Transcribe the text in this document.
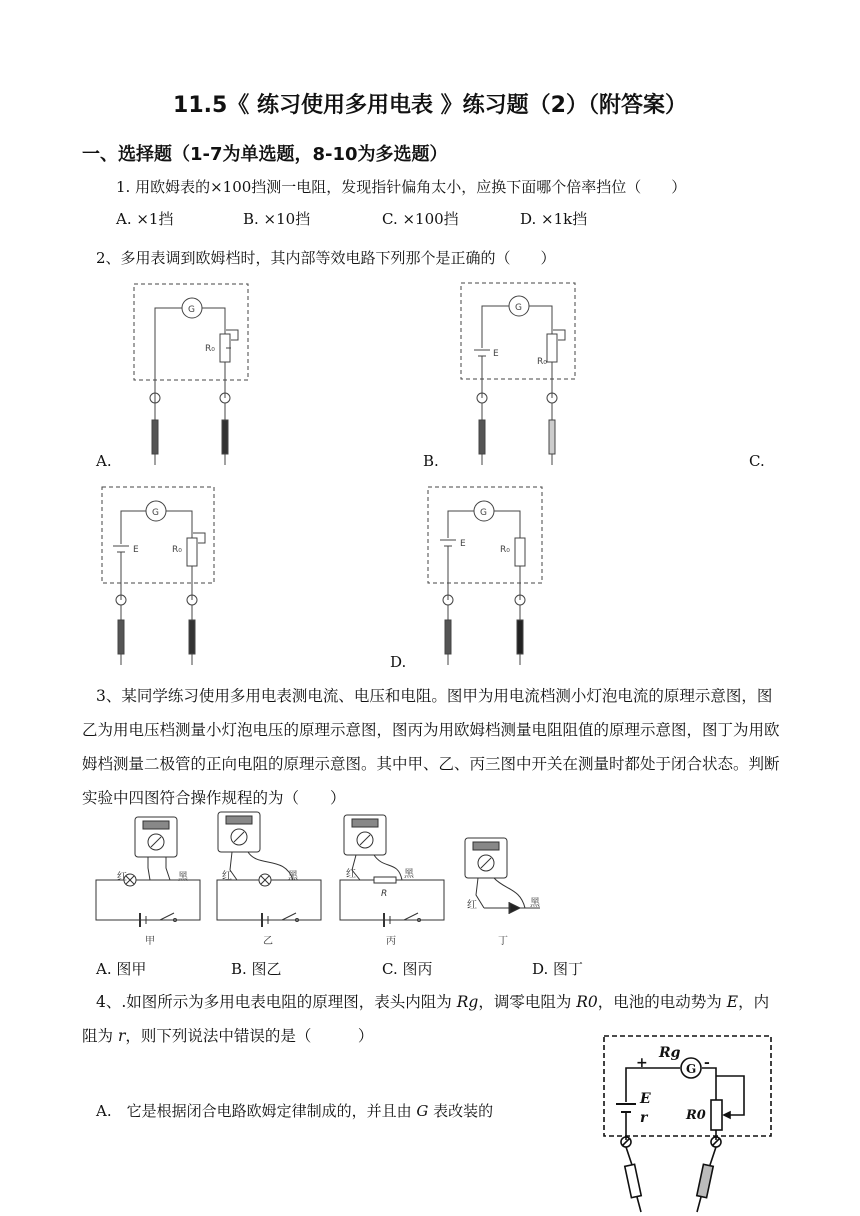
11.5《 练习使用多用电表 》练习题（2）（附答案）
一、选择题（1-7为单选题，8-10为多选题）
1. 用欧姆表的×100挡测一电阻，发现指针偏角太小，应换下面哪个倍率挡位（　　）
A. ×1挡	B. ×10挡	C. ×100挡	D. ×1k挡
2、多用表调到欧姆档时，其内部等效电路下列那个是正确的（　　）
G
R₀
G
E
R₀
G
E	R₀
G
E
R₀
A.	B.	C.
D.
3、某同学练习使用多用电表测电流、电压和电阻。图甲为用电流档测小灯泡电流的原理示意图，图乙为用电压档测量小灯泡电压的原理示意图，图丙为用欧姆档测量电阻阻值的原理示意图，图丁为用欧姆档测量二极管的正向电阻的原理示意图。其中甲、乙、丙三图中开关在测量时都处于闭合状态。判断实验中四图符合操作规程的为（　　）
红	黑	红	黑	红	黑
R
红	黑
甲	乙	丙	丁
A. 图甲	B. 图乙	C. 图丙	D. 图丁
4、.如图所示为多用电表电阻的原理图，表头内阻为 Rg，调零电阻为 R0，电池的电动势为 E，内阻为 r，则下列说法中错误的是（　　　）
A.　它是根据闭合电路欧姆定律制成的，并且由 G 表改装的
Rg
G
+	-
E
r	R0
